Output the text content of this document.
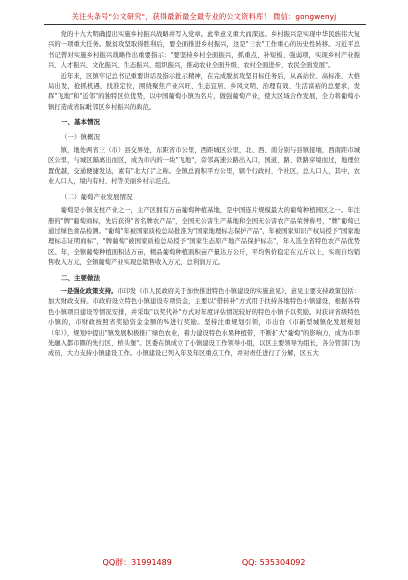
关注头条号"公文研究"，获得最新最全最专业的公文资料库！ 微信：gongwenyj

党的十九大明确提出实施乡村振兴战略并写入党章。此举意义重大而深远。乡村振兴是实现中华民族伟大复兴的一项重大任务。脱贫攻坚取得胜利后，要全面推进乡村振兴，这是"三农"工作重心的历史性转移。习近平总书记曾对实施乡村振兴战略作出重要指示："要坚持乡村全面振兴，抓重点、补短板、强弱项，实现乡村产业振兴、人才振兴、文化振兴、生态振兴、组织振兴，推动农业全面升级、农村全面进步、农民全面发展"。

近年来，区镇牢记总书记重要讲话及指示批示精神，在完成脱贫攻坚目标任务后，从高站位、高标准、大格局出发，抢抓机遇，找准定位，围绕聚焦产业兴旺、生态宜居、乡风文明、治理有效、生活富裕的总要求，发挥"飞地"和"近邻"的独特区位优势，以中国葡萄小镇为名片，做强葡萄产业，使大区域合作发展，全力将葡萄小镇打造成省际毗邻区乡村振兴的典范。

一、基本情况

（一）镇概况

镇，地处两省三（市）县交界处，东距省市公里，西距城区公里，北、西、南分别与县镇接壤，西南距市城区公里，与城区隔离出而区，成为市内的一块"飞地"，旁邻高速公路出入口，国道、路、铁路穿境而过，地理位置优越，交通便捷发达，素有"北大门"之称。全镇总面积平方公里，辖个行政村、个社区，总人口人，其中，农业人口人，境内有村、村等美丽乡村示范点。

（二）葡萄产业发展情况

葡萄是小镇支柱产业之一，主产区拥有万亩葡萄种植基地，是中国连片规模最大的葡萄种植园区之一。年注册的"牌"葡萄商标，先后获得"省名牌农产品"，全国无公害生产基地和全国无公害农产品荣誉称号，"牌"葡萄已通过绿色食品检测。"葡萄"年被国家质检总局批准为"国家地理标志保护产品"，年被国家知识产权局授予"国家地理标志证明商标"，"牌葡萄"被国家质检总局授予"国家生态原产地产品保护标志"，年入选全省特色农产品优势区。年，全镇葡萄种植面积达万亩，精品葡萄种植面积亩产量达万公斤，平均售价稳定在元斤以上，实现自均销售收入万元，全镇葡萄产业实现总销售收入万元，总利润万元。

二、主要做法

一是强化政策支持。市印发《市人民政府关于加快推进特色小镇建设的实施意见》，意见主要支持政策包括：加大财政支持。市政府设立特色小镇建设专项资金，主要以"借转补"方式用于扶持各地特色小镇建设，根据各特色小镇项目建设等情况安排，并采取"以奖代补"方式对年度评估情况较好的特色小镇予以奖励。对获评省级特色小镇的，市财政按照省奖励资金金额的%进行奖励。坚持注重规划引领，市出台《市新型城镇化发展规划（年）》，规划中提出"镇发展积极推广绿色农业，着力建设特色水果种植带，不断扩大"葡萄"的影响力，成为市率先融入都市圈的先行区、桥头堡"。区委在镇成立了小镇建设工作领导小组，以区主要领导为组长，各分管部门为成员，大力支持小镇建设工作。小镇建设已列入年及年区重点工作，并对责任进行了分解，区五大

QQ群：31991489	QQ: 535304092
